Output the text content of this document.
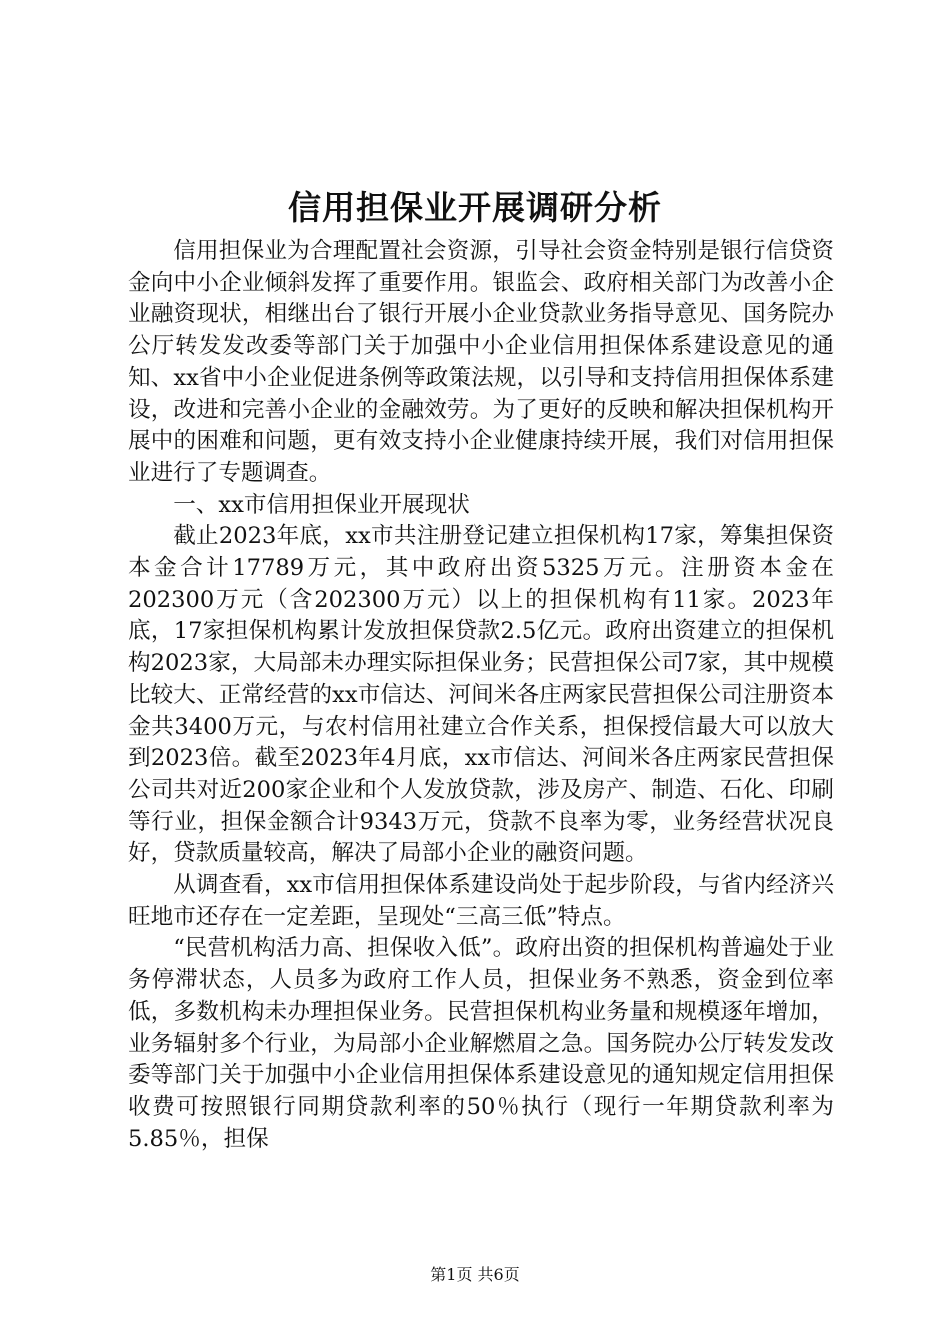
信用担保业开展调研分析

信用担保业为合理配置社会资源，引导社会资金特别是银行信贷资金向中小企业倾斜发挥了重要作用。银监会、政府相关部门为改善小企业融资现状，相继出台了银行开展小企业贷款业务指导意见、国务院办公厅转发发改委等部门关于加强中小企业信用担保体系建设意见的通知、xx省中小企业促进条例等政策法规，以引导和支持信用担保体系建设，改进和完善小企业的金融效劳。为了更好的反映和解决担保机构开展中的困难和问题，更有效支持小企业健康持续开展，我们对信用担保业进行了专题调查。

一、xx市信用担保业开展现状

截止2023年底，xx市共注册登记建立担保机构17家，筹集担保资本金合计17789万元，其中政府出资5325万元。注册资本金在202300万元（含202300万元）以上的担保机构有11家。2023年底，17家担保机构累计发放担保贷款2.5亿元。政府出资建立的担保机构2023家，大局部未办理实际担保业务；民营担保公司7家，其中规模比较大、正常经营的xx市信达、河间米各庄两家民营担保公司注册资本金共3400万元，与农村信用社建立合作关系，担保授信最大可以放大到2023倍。截至2023年4月底，xx市信达、河间米各庄两家民营担保公司共对近200家企业和个人发放贷款，涉及房产、制造、石化、印刷等行业，担保金额合计9343万元，贷款不良率为零，业务经营状况良好，贷款质量较高，解决了局部小企业的融资问题。

从调查看，xx市信用担保体系建设尚处于起步阶段，与省内经济兴旺地市还存在一定差距，呈现处“三高三低”特点。

“民营机构活力高、担保收入低”。政府出资的担保机构普遍处于业务停滞状态，人员多为政府工作人员，担保业务不熟悉，资金到位率低，多数机构未办理担保业务。民营担保机构业务量和规模逐年增加，业务辐射多个行业，为局部小企业解燃眉之急。国务院办公厅转发发改委等部门关于加强中小企业信用担保体系建设意见的通知规定信用担保收费可按照银行同期贷款利率的50％执行（现行一年期贷款利率为5.85％，担保

第1页 共6页
